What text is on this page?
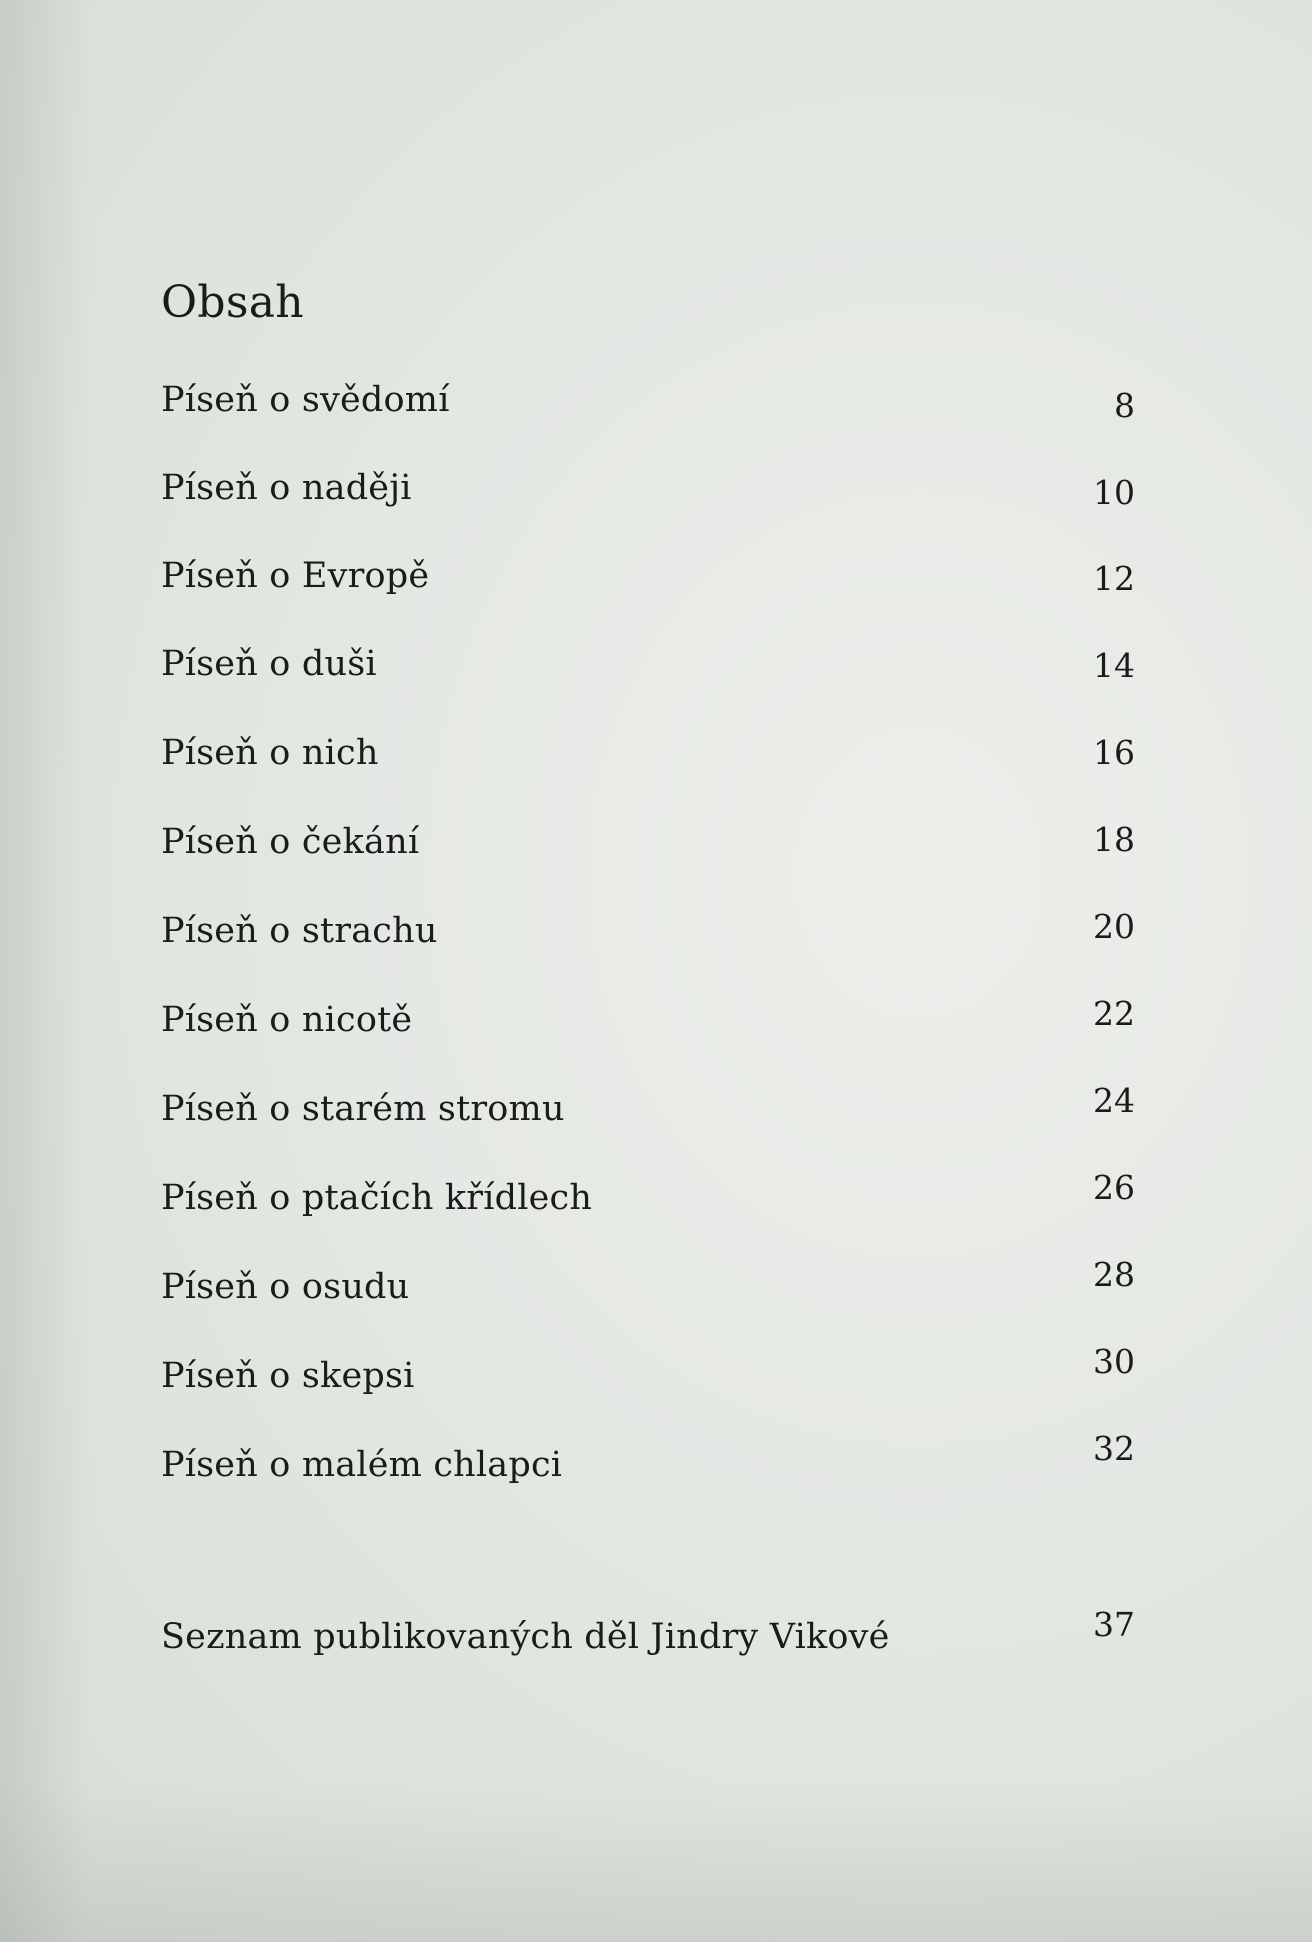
Obsah
Píseň o svědomí	8
Píseň o naději	10
Píseň o Evropě	12
Píseň o duši	14
Píseň o nich	16
Píseň o čekání	18
Píseň o strachu	20
Píseň o nicotě	22
Píseň o starém stromu	24
Píseň o ptačích křídlech	26
Píseň o osudu	28
Píseň o skepsi	30
Píseň o malém chlapci	32
Seznam publikovaných děl Jindry Vikové	37
